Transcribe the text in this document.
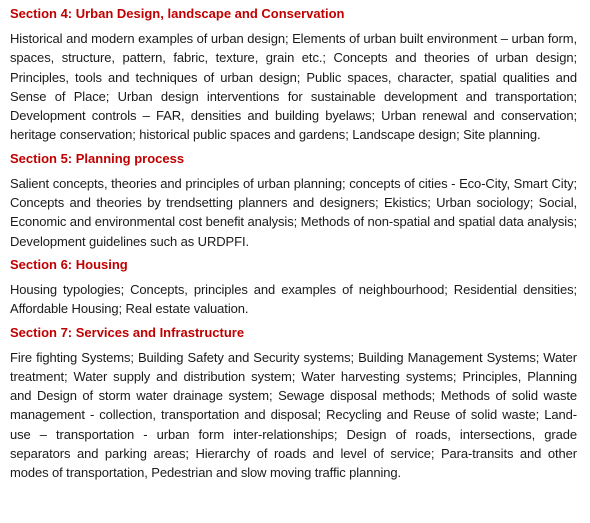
Section 4: Urban Design, landscape and Conservation
Historical and modern examples of urban design; Elements of urban built environment – urban form, spaces, structure, pattern, fabric, texture, grain etc.; Concepts and theories of urban design; Principles, tools and techniques of urban design; Public spaces, character, spatial qualities and Sense of Place; Urban design interventions for sustainable development and transportation; Development controls – FAR, densities and building byelaws; Urban renewal and conservation; heritage conservation; historical public spaces and gardens; Landscape design; Site planning.
Section 5: Planning process
Salient concepts, theories and principles of urban planning; concepts of cities - Eco-City, Smart City; Concepts and theories by trendsetting planners and designers; Ekistics; Urban sociology; Social, Economic and environmental cost benefit analysis; Methods of non-spatial and spatial data analysis; Development guidelines such as URDPFI.
Section 6: Housing
Housing typologies; Concepts, principles and examples of neighbourhood; Residential densities; Affordable Housing; Real estate valuation.
Section 7: Services and Infrastructure
Fire fighting Systems; Building Safety and Security systems; Building Management Systems; Water treatment; Water supply and distribution system; Water harvesting systems; Principles, Planning and Design of storm water drainage system; Sewage disposal methods; Methods of solid waste management - collection, transportation and disposal; Recycling and Reuse of solid waste; Land-use – transportation - urban form inter-relationships; Design of roads, intersections, grade separators and parking areas; Hierarchy of roads and level of service; Para-transits and other modes of transportation, Pedestrian and slow moving traffic planning.
